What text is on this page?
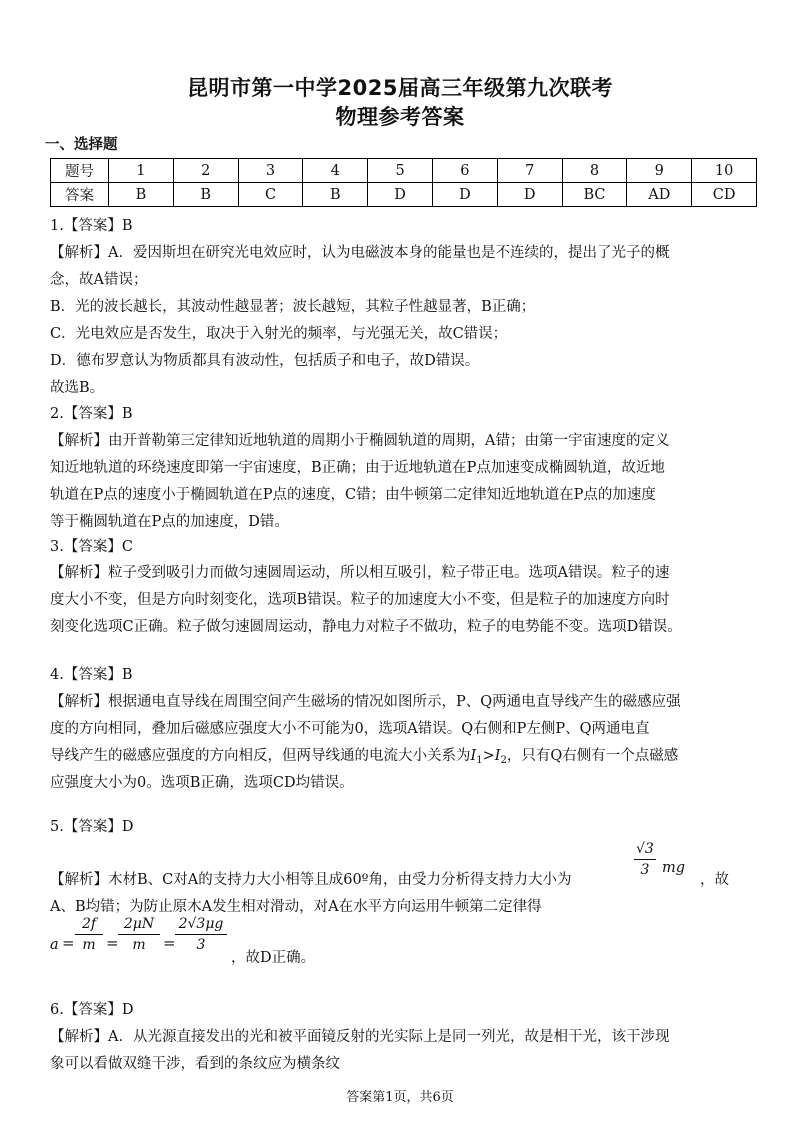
昆明市第一中学2025届高三年级第九次联考
物理参考答案
一、选择题
题号	1	2	3	4	5	6	7	8	9	10
答案	B	B	C	B	D	D	D	BC	AD	CD
1.【答案】B
【解析】A．爱因斯坦在研究光电效应时，认为电磁波本身的能量也是不连续的，提出了光子的概
念，故A错误；
B．光的波长越长，其波动性越显著；波长越短，其粒子性越显著，B正确；
C．光电效应是否发生，取决于入射光的频率，与光强无关，故C错误；
D．德布罗意认为物质都具有波动性，包括质子和电子，故D错误。
故选B。
2.【答案】B
【解析】由开普勒第三定律知近地轨道的周期小于椭圆轨道的周期，A错；由第一宇宙速度的定义
知近地轨道的环绕速度即第一宇宙速度，B正确；由于近地轨道在P点加速变成椭圆轨道，故近地
轨道在P点的速度小于椭圆轨道在P点的速度，C错；由牛顿第二定律知近地轨道在P点的加速度
等于椭圆轨道在P点的加速度，D错。
3.【答案】C
【解析】粒子受到吸引力而做匀速圆周运动，所以相互吸引，粒子带正电。选项A错误。粒子的速
度大小不变，但是方向时刻变化，选项B错误。粒子的加速度大小不变，但是粒子的加速度方向时
刻变化选项C正确。粒子做匀速圆周运动，静电力对粒子不做功，粒子的电势能不变。选项D错误。
4.【答案】B
【解析】根据通电直导线在周围空间产生磁场的情况如图所示，P、Q两通电直导线产生的磁感应强
度的方向相同，叠加后磁感应强度大小不可能为0，选项A错误。Q右侧和P左侧P、Q两通电直
导线产生的磁感应强度的方向相反，但两导线通的电流大小关系为$I_1>I_2$，只有Q右侧有一个点磁感
应强度大小为0。选项B正确，选项CD均错误。
5.【答案】D
$\frac{√3}{3}$ mg
【解析】木材B、C对A的支持力大小相等且成60º角，由受力分析得支持力大小为	，故
A、B均错；为防止原木A发生相对滑动，对A在水平方向运用牛顿第二定律得
$a = \frac{2f}{m} = \frac{2\mu N}{m} = \frac{2√3\mu g}{3}$
，故D正确。
6.【答案】D
【解析】A．从光源直接发出的光和被平面镜反射的光实际上是同一列光，故是相干光，该干涉现
象可以看做双缝干涉，看到的条纹应为横条纹
答案第1页，共6页
